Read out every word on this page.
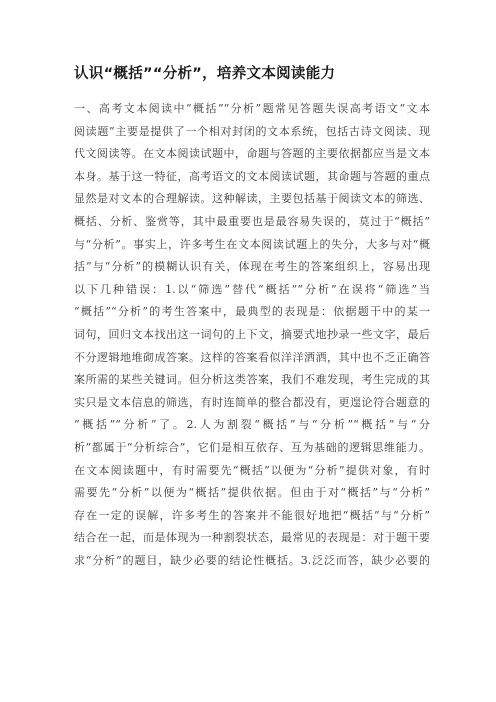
认识“概括”“分析”，培养文本阅读能力
一、高考文本阅读中“概括”“分析”题常见答题失误高考语文“文本
阅读题”主要是提供了一个相对封闭的文本系统，包括古诗文阅读、现
代文阅读等。在文本阅读试题中，命题与答题的主要依据都应当是文本
本身。基于这一特征，高考语文的文本阅读试题，其命题与答题的重点
显然是对文本的合理解读。这种解读，主要包括基于阅读文本的筛选、
概括、分析、鉴赏等，其中最重要也是最容易失误的，莫过于“概括”
与“分析”。事实上，许多考生在文本阅读试题上的失分，大多与对“概
括”与“分析”的模糊认识有关，体现在考生的答案组织上，容易出现
以下几种错误：1.以“筛选”替代“概括”“分析”在误将“筛选”当
“概括”“分析”的考生答案中，最典型的表现是：依据题干中的某一
词句，回归文本找出这一词句的上下文，摘要式地抄录一些文字，最后
不分逻辑地堆砌成答案。这样的答案看似洋洋洒洒，其中也不乏正确答
案所需的某些关键词。但分析这类答案，我们不难发现，考生完成的其
实只是文本信息的筛选，有时连简单的整合都没有，更遑论符合题意的
“概括”“分析”了。2.人为割裂“概括”与“分析”“概括”与“分
析”都属于“分析综合”，它们是相互依存、互为基础的逻辑思维能力。
在文本阅读题中，有时需要先“概括”以便为“分析”提供对象，有时
需要先“分析”以便为“概括”提供依据。但由于对“概括”与“分析”
存在一定的误解，许多考生的答案并不能很好地把“概括”与“分析”
结合在一起，而是体现为一种割裂状态，最常见的表现是：对于题干要
求“分析”的题目，缺少必要的结论性概括。3.泛泛而答，缺少必要的
